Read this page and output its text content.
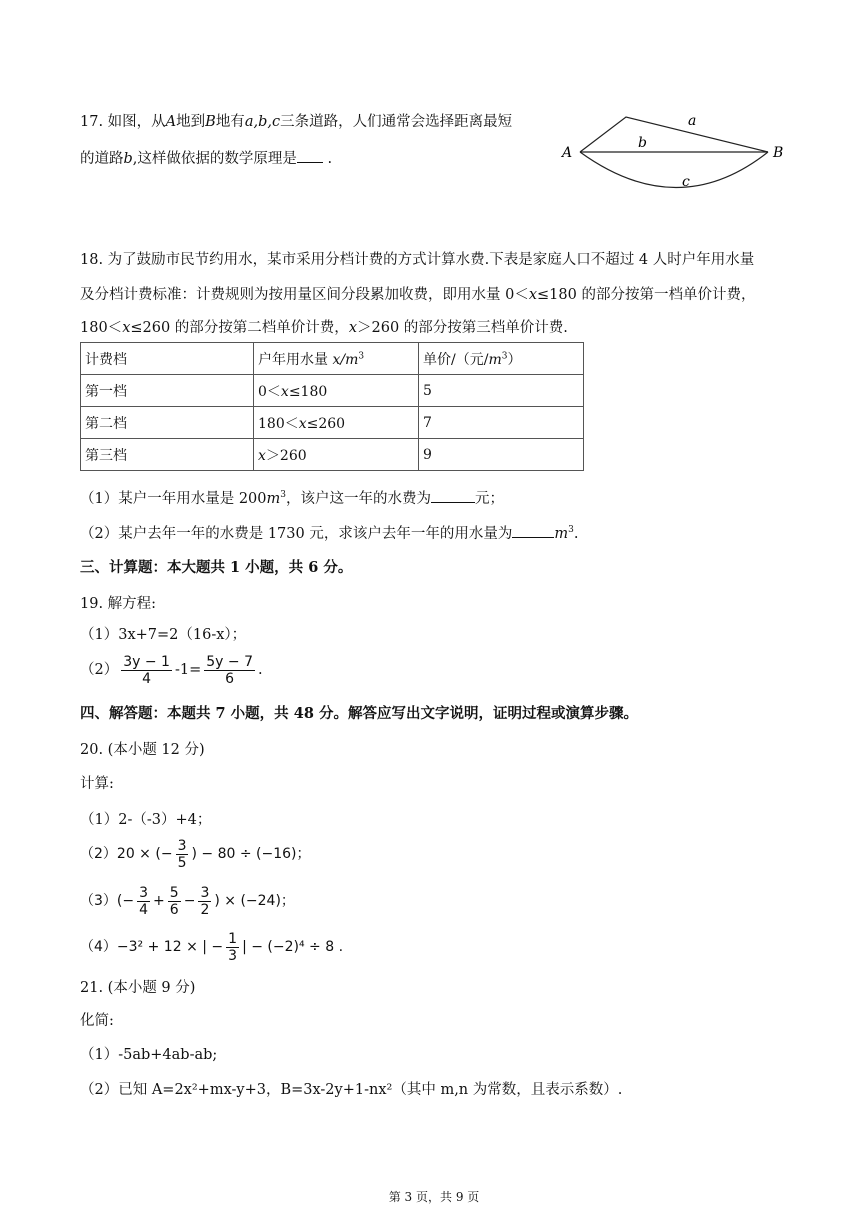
17. 如图，从A地到B地有a,b,c三条道路，人们通常会选择距离最短
的道路b,这样做依据的数学原理是 .	A	B
a
b
c
18. 为了鼓励市民节约用水，某市采用分档计费的方式计算水费.下表是家庭人口不超过 4 人时户年用水量
及分档计费标准：计费规则为按用量区间分段累加收费，即用水量 0＜x≤180 的部分按第一档单价计费，
180＜x≤260 的部分按第二档单价计费，x＞260 的部分按第三档单价计费.
计费档	户年用水量 $x/m^3$	单价/（元$/m^3$）
第一档	0＜x≤180	5
第二档	180＜x≤260	7
第三档	x＞260	9
（1）某户一年用水量是 $200m^3$，该户这一年的水费为	元；
（2）某户去年一年的水费是 1730 元，求该户去年一年的用水量为	$m^3$.
三、计算题：本大题共 1 小题，共 6 分。
19. 解方程:
（1）3x+7=2（16-x）；
$(2) \frac{3y - 1}{4} -1= \frac{5y - 7}{6}$ .
四、解答题：本题共 7 小题，共 48 分。解答应写出文字说明，证明过程或演算步骤。
20. (本小题 12 分)
计算:
（1）2-（-3）+4；
（2）20 × (− $\frac{3}{5}$ ) − 80 ÷ (−16)；
$(3)(- \frac{3}{4} + \frac{5}{6} - \frac{3}{2}$ ) × (−24)；
（4）−3² + 12 × | − $\frac{1}{3}$ | − (−2)⁴ ÷ 8 .
21. (本小题 9 分)
化简:
（1）-5ab+4ab-ab;
（2）已知 A=2x²+mx-y+3，B=3x-2y+1-nx²（其中 m,n 为常数，且表示系数）.
第 3 页，共 9 页
